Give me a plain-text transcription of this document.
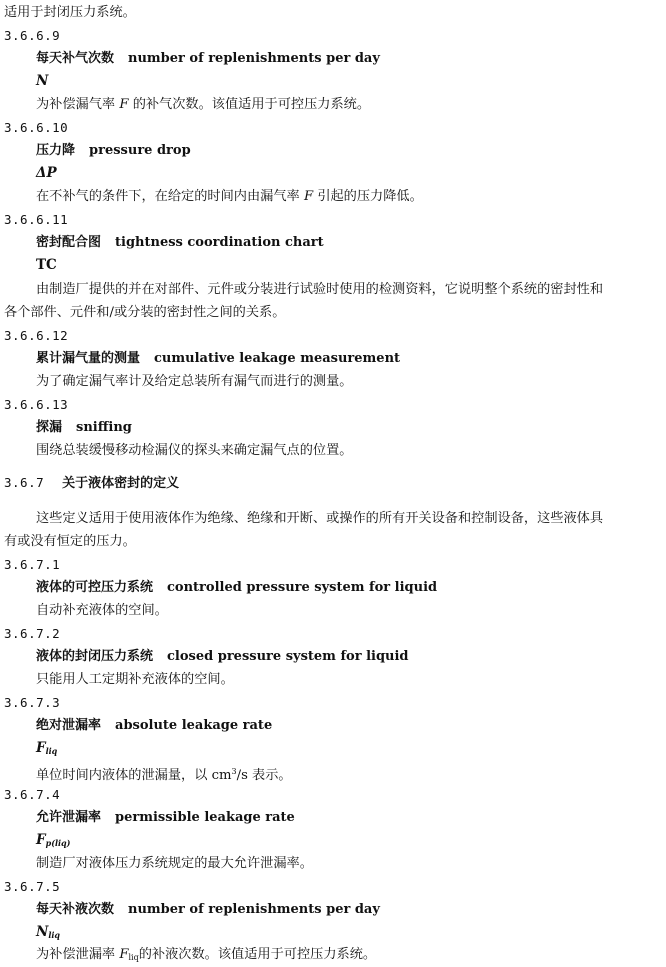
适用于封闭压力系统。
3.6.6.9
每天补气次数 number of replenishments per day
N
为补偿漏气率 F 的补气次数。该值适用于可控压力系统。
3.6.6.10
压力降 pressure drop
ΔP
在不补气的条件下，在给定的时间内由漏气率 F 引起的压力降低。
3.6.6.11
密封配合图 tightness coordination chart
TC
由制造厂提供的并在对部件、元件或分装进行试验时使用的检测资料，它说明整个系统的密封性和
各个部件、元件和/或分装的密封性之间的关系。
3.6.6.12
累计漏气量的测量 cumulative leakage measurement
为了确定漏气率计及给定总装所有漏气而进行的测量。
3.6.6.13
探漏 sniffing
围绕总装缓慢移动检漏仪的探头来确定漏气点的位置。
3.6.7 关于液体密封的定义
这些定义适用于使用液体作为绝缘、绝缘和开断、或操作的所有开关设备和控制设备，这些液体具
有或没有恒定的压力。
3.6.7.1
液体的可控压力系统 controlled pressure system for liquid
自动补充液体的空间。
3.6.7.2
液体的封闭压力系统 closed pressure system for liquid
只能用人工定期补充液体的空间。
3.6.7.3
绝对泄漏率 absolute leakage rate
$F_{liq}$
单位时间内液体的泄漏量，以 $cm^3/s$ 表示。
3.6.7.4
允许泄漏率 permissible leakage rate
$F_{p(liq)}$
制造厂对液体压力系统规定的最大允许泄漏率。
3.6.7.5
每天补液次数 number of replenishments per day
$N_{liq}$
为补偿泄漏率 $F_{liq}$的补液次数。该值适用于可控压力系统。
